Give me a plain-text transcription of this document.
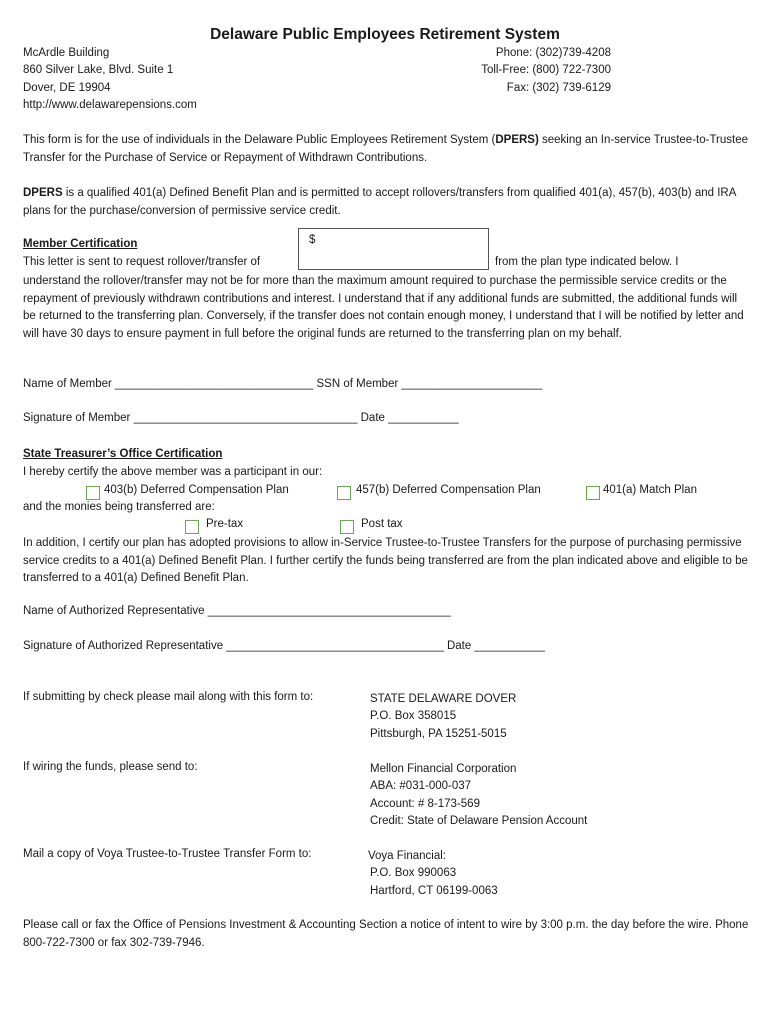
Delaware Public Employees Retirement System
McArdle Building
860 Silver Lake, Blvd. Suite 1
Dover, DE 19904
http://www.delawarepensions.com
Phone: (302)739-4208
Toll-Free: (800) 722-7300
Fax: (302) 739-6129
This form is for the use of individuals in the Delaware Public Employees Retirement System (DPERS) seeking an In-service Trustee-to-Trustee Transfer for the Purchase of Service or Repayment of Withdrawn Contributions.
DPERS is a qualified 401(a) Defined Benefit Plan and is permitted to accept rollovers/transfers from qualified 401(a), 457(b), 403(b) and IRA plans for the purchase/conversion of permissive service credit.
Member Certification	$
This letter is sent to request rollover/transfer of	from the plan type indicated below. I
understand the rollover/transfer may not be for more than the maximum amount required to purchase the permissible service credits or the repayment of previously withdrawn contributions and interest. I understand that if any additional funds are submitted, the additional funds will be returned to the transferring plan. Conversely, if the transfer does not contain enough money, I understand that I will be notified by letter and will have 30 days to ensure payment in full before the original funds are returned to the transferring plan on my behalf.
Name of Member _______________________________ SSN of Member ______________________
Signature of Member ___________________________________ Date ___________
State Treasurer’s Office Certification
I hereby certify the above member was a participant in our:
403(b) Deferred Compensation Plan	457(b) Deferred Compensation Plan	401(a) Match Plan
and the monies being transferred are:
Pre-tax	Post tax
In addition, I certify our plan has adopted provisions to allow in-Service Trustee-to-Trustee Transfers for the purpose of purchasing permissive service credits to a 401(a) Defined Benefit Plan. I further certify the funds being transferred are from the plan indicated above and eligible to be transferred to a 401(a) Defined Benefit Plan.
Name of Authorized Representative ______________________________________
Signature of Authorized Representative __________________________________ Date ___________
If submitting by check please mail along with this form to:	STATE DELAWARE DOVER
P.O. Box 358015
Pittsburgh, PA 15251-5015
If wiring the funds, please send to:	Mellon Financial Corporation
ABA: #031-000-037
Account: # 8-173-569
Credit: State of Delaware Pension Account
Mail a copy of Voya Trustee-to-Trustee Transfer Form to:	Voya Financial:
P.O. Box 990063
Hartford, CT 06199-0063
Please call or fax the Office of Pensions Investment & Accounting Section a notice of intent to wire by 3:00 p.m. the day before the wire. Phone 800-722-7300 or fax 302-739-7946.
